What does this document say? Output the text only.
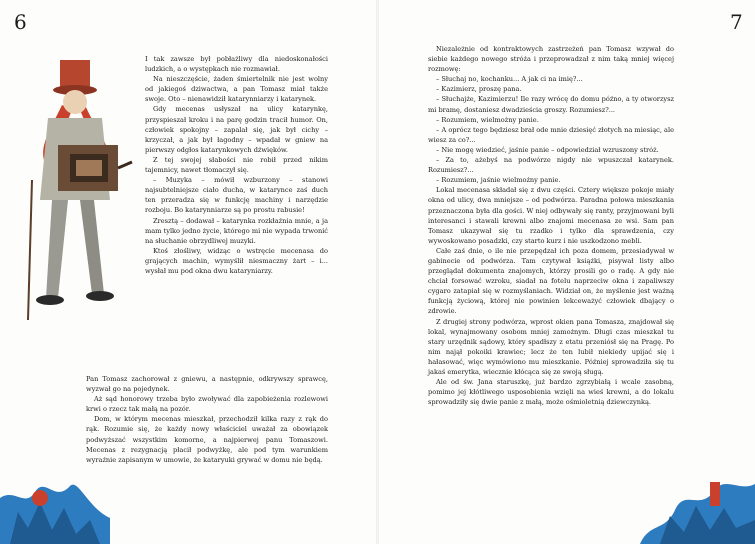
6	7

I tak zawsze był pobłażliwy dla niedoskonałości ludzkich, a o występkach nie rozmawiał.

Na nieszczęście, żaden śmiertelnik nie jest wolny od jakiegoś dziwactwa, a pan Tomasz miał także swoje. Oto – nienawidził katarynniarzy i katarynek.

Gdy mecenas usłyszał na ulicy katarynkę, przyspieszał kroku i na parę godzin tracił humor. On, człowiek spokojny – zapalał się, jak był cichy – krzyczał, a jak był łagodny – wpadał w gniew na pierwszy odgłos katarynkowych dźwięków.

Z tej swojej słabości nie robił przed nikim tajemnicy, nawet tłomaczył się.

– Muzyka – mówił wzburzony – stanowi najsubtelniejsze ciało ducha, w katarynce zaś duch ten przeradza się w funkcję machiny i narzędzie rozboju. Bo katarynniarze są po prostu rabusie!

Zresztą – dodawał – katarynka rozkłaźnia mnie, a ja mam tylko jedno życie, którego mi nie wypada trwonić na słuchanie obrzydliwej muzyki.

Ktoś złośliwy, widząc o wstręcie mecenasa do grających machin, wymyślił niesmaczny żart – i... wysłał mu pod okna dwu kataryniarzy.

Pan Tomasz zachorował z gniewu, a następnie, odkrywszy sprawcę, wyzwał go na pojedynek.

Aż sąd honorowy trzeba było zwoływać dla zapobieżenia rozlewowi krwi o rzecz tak małą na pozór.

Dom, w którym mecenas mieszkał, przechodził kilka razy z rąk do rąk. Rozumie się, że każdy nowy właściciel uważał za obowiązek podwyższać wszystkim komorne, a najpierwej panu Tomaszowi. Mecenas z rezygnacją płacił podwyżkę, ale pod tym warunkiem wyraźnie zapisanym w umowie, że kataryuki grywać w domu nie będą.

Niezależnie od kontraktowych zastrzeżeń pan Tomasz wzywał do siebie każdego nowego stróża i przeprowadzał z nim taką mniej więcej rozmowę:

– Słuchaj no, kochanku... A jak ci na imię?...

– Kazimierz, proszę pana.

– Słuchajże, Kazimierzu! Ile razy wrócę do domu późno, a ty otworzysz mi bramę, dostaniesz dwadzieścia groszy. Rozumiesz?...

– Rozumiem, wielmożny panie.

– A oprócz tego będziesz brał ode mnie dziesięć złotych na miesiąc, ale wiesz za co?...

– Nie mogę wiedzieć, jaśnie panie – odpowiedział wzruszony stróż.

– Za to, ażebyś na podwórze nigdy nie wpuszczał katarynek. Rozumiesz?...

– Rozumiem, jaśnie wielmożny panie.

Lokal mecenasa składał się z dwu części. Cztery większe pokoje miały okna od ulicy, dwa mniejsze – od podwórza. Paradna połowa mieszkania przeznaczona była dla gości. W niej odbywały się ranty, przyjmowani byli interesanci i stawali krewni albo znajomi mecenasa ze wsi. Sam pan Tomasz ukazywał się tu rzadko i tylko dla sprawdzenia, czy wywoskowano posadzki, czy starto kurz i nie uszkodzono mebli.

Całe zaś dnie, o ile nie przepędzał ich poza domem, przesiadywał w gabinecie od podwórza. Tam czytywał książki, pisywał listy albo przeglądał dokumenta znajomych, którzy prosili go o radę. A gdy nie chciał forsować wzroku, siadał na fotelu naprzeciw okna i zapaliwszy cygaro zatapiał się w rozmyślaniach. Widział on, że myślenie jest ważną funkcją życiową, której nie powinien lekceważyć człowiek dbający o zdrowie.

Z drugiej strony podwórza, wprost okien pana Tomasza, znajdował się lokal, wynajmowany osobom mniej zamożnym. Długi czas mieszkał tu stary urzędnik sądowy, który spadłszy z etatu przeniósł się na Pragę. Po nim najął pokoiki krawiec; lecz że ten lubił niekiedy upijać się i hałasować, więc wymówiono mu mieszkanie. Później sprowadziła się tu jakaś emerytka, wiecznie kłócąca się ze swoją sługą.

Ale od św. Jana staruszkę, już bardzo zgrzybiałą i wcale zasobną, pomimo jej kłótliwego usposobienia wzięli na wieś krewni, a do lokalu sprowadziły się dwie panie z małą, może ośmioletnią dziewczynką.
